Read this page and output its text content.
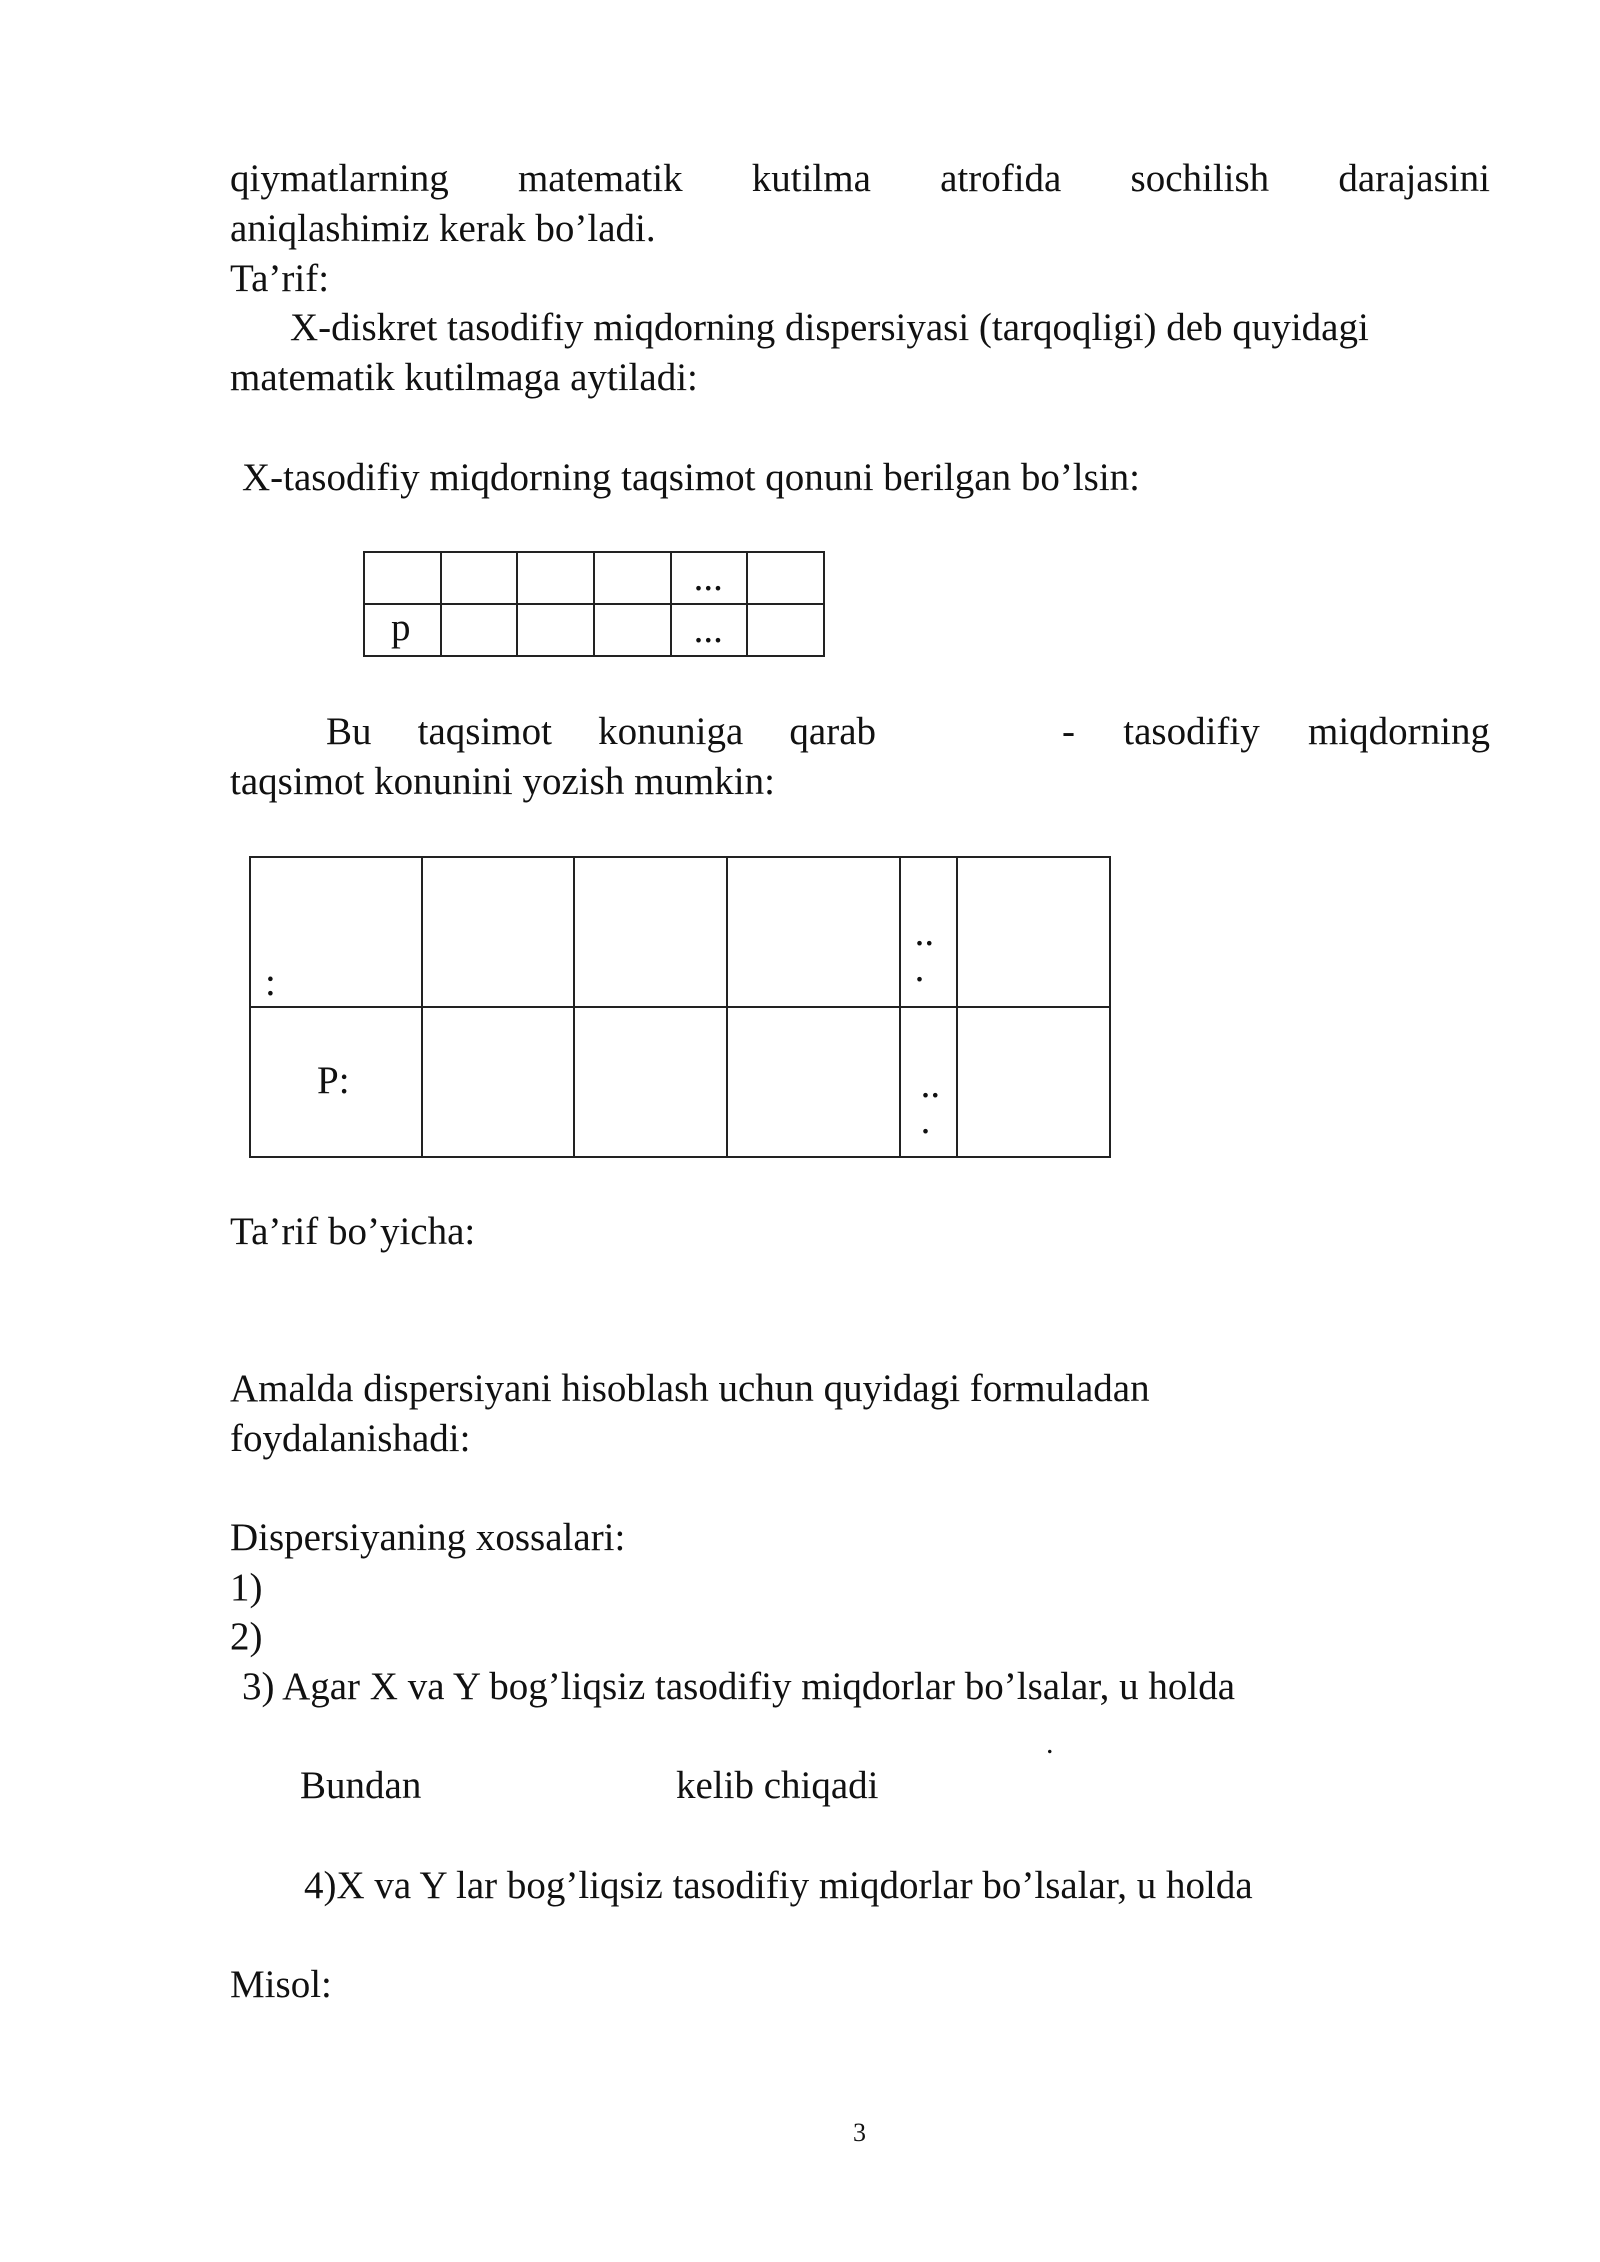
qiymatlarning matematik kutilma atrofida sochilish darajasini
aniqlashimiz kerak bo’ladi.
Ta’rif:
X-diskret tasodifiy miqdorning dispersiyasi (tarqoqligi) deb quyidagi
matematik kutilmaga aytiladi:
X-tasodifiy miqdorning taqsimot qonuni berilgan bo’lsin:

				...	

p				...	

Bu taqsimot konuniga qarab	- tasodifiy miqdorning
taqsimot konunini yozish mumkin:
:				..
.	

P:				..
.	

Ta’rif bo’yicha:
Amalda dispersiyani hisoblash uchun quyidagi formuladan
foydalanishadi:
Dispersiyaning xossalari:
1)
2)
3) Agar X va Y bog’liqsiz tasodifiy miqdorlar bo’lsalar, u holda
.
Bundan	kelib chiqadi
4)X va Y lar bog’liqsiz tasodifiy miqdorlar bo’lsalar, u holda
Misol:
3
